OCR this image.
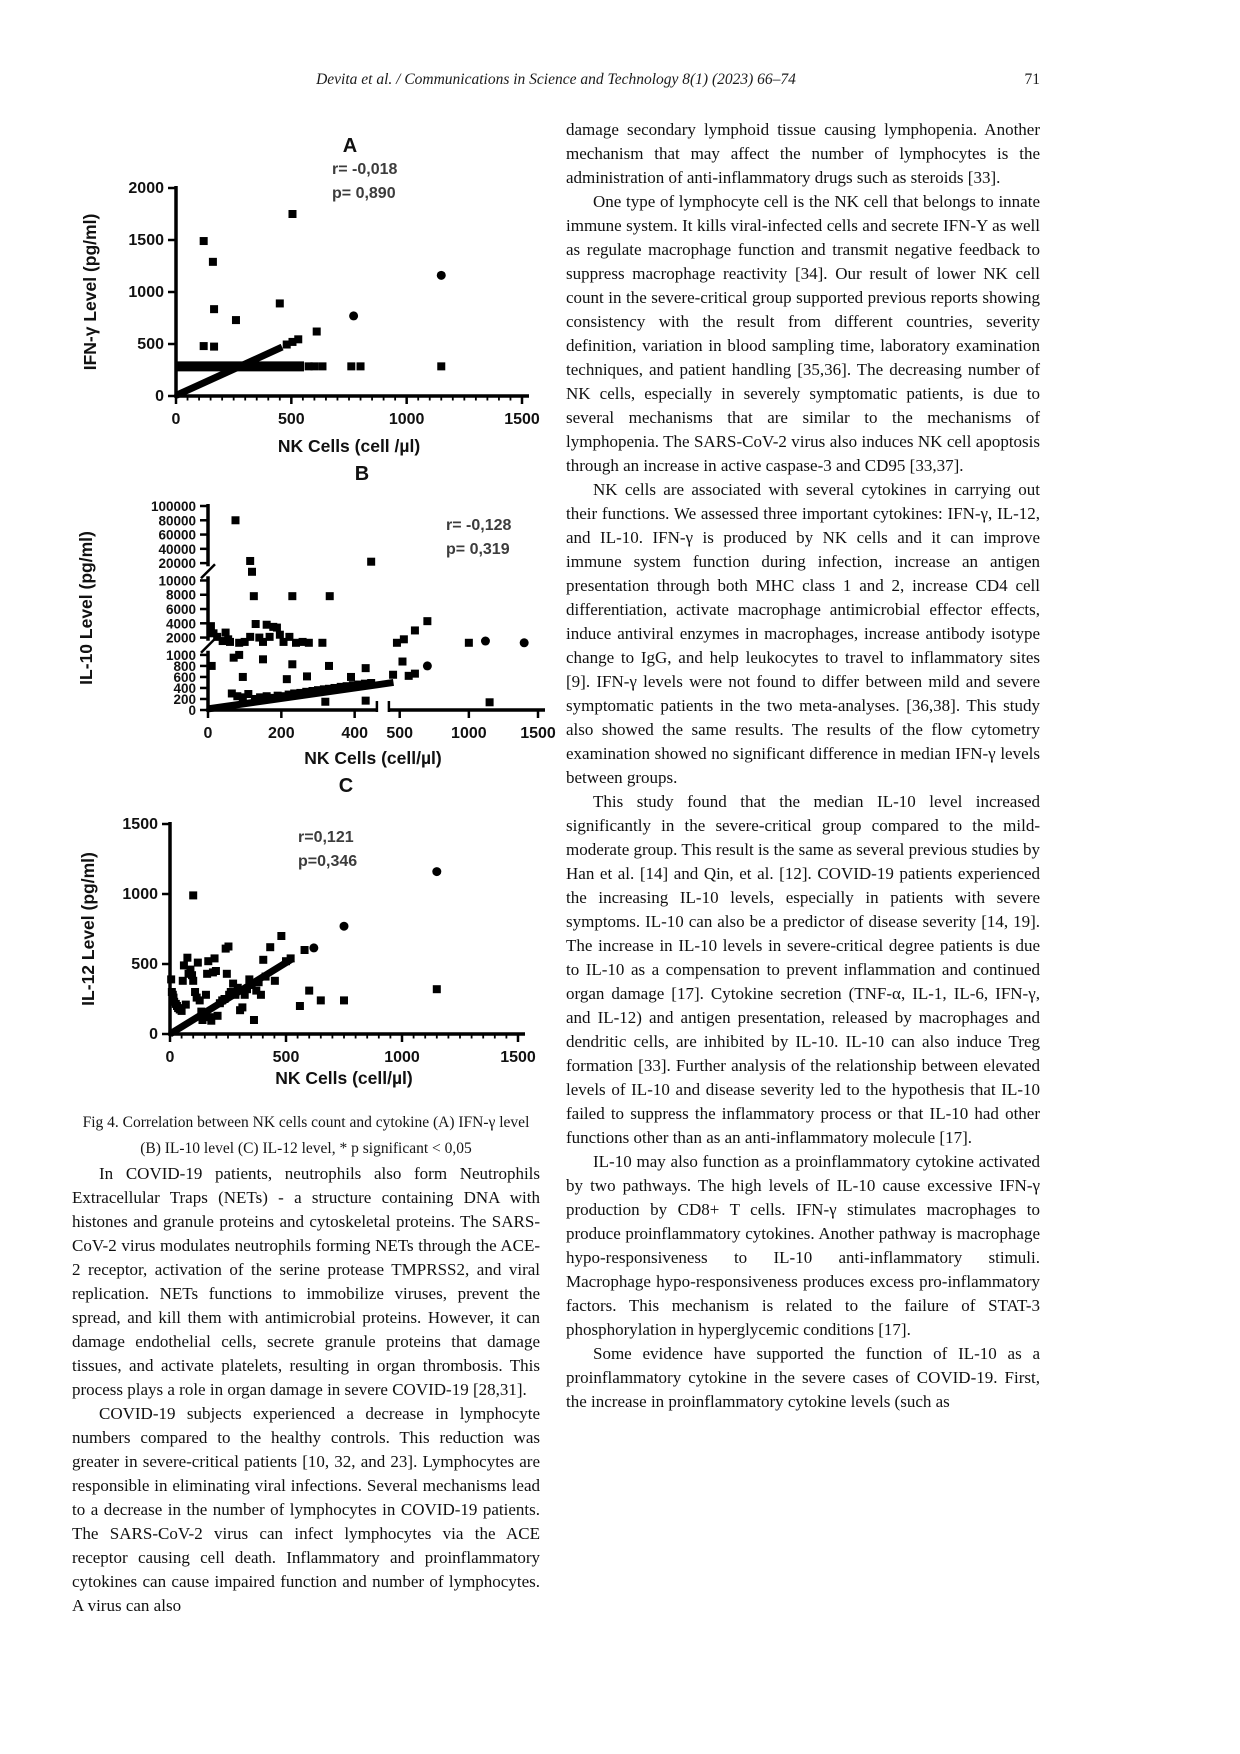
Devita et al. / Communications in Science and Technology 8(1) (2023) 66–74	71
A
0
500
1000
1500
2000
0	500	1000	1500
r= -0,018
p= 0,890
NK Cells (cell /µl)
IFN-γ Level (pg/ml)
B
0
200
400
600
800
1000
2000
4000
6000
8000
10000
20000
40000
60000
80000
100000
0	200	400 500 1000 1500
r= -0,128
p= 0,319
NK Cells (cell/µl)
IL-10 Level (pg/ml)
C
0
500
1000
1500
0	500	1000	1500
r=0,121
p=0,346
NK Cells (cell/µl)
IL-12 Level (pg/ml)
Fig 4. Correlation between NK cells count and cytokine (A) IFN-γ level
(B) IL-10 level (C) IL-12 level, * p significant < 0,05

In COVID-19 patients, neutrophils also form Neutrophils Extracellular Traps (NETs) - a structure containing DNA with histones and granule proteins and cytoskeletal proteins. The SARS-CoV-2 virus modulates neutrophils forming NETs through the ACE-2 receptor, activation of the serine protease TMPRSS2, and viral replication. NETs functions to immobilize viruses, prevent the spread, and kill them with antimicrobial proteins. However, it can damage endothelial cells, secrete granule proteins that damage tissues, and activate platelets, resulting in organ thrombosis. This process plays a role in organ damage in severe COVID-19 [28,31].

COVID-19 subjects experienced a decrease in lymphocyte numbers compared to the healthy controls. This reduction was greater in severe-critical patients [10, 32, and 23]. Lymphocytes are responsible in eliminating viral infections. Several mechanisms lead to a decrease in the number of lymphocytes in COVID-19 patients. The SARS-CoV-2 virus can infect lymphocytes via the ACE receptor causing cell death. Inflammatory and proinflammatory cytokines can cause impaired function and number of lymphocytes. A virus can also

damage secondary lymphoid tissue causing lymphopenia. Another mechanism that may affect the number of lymphocytes is the administration of anti-inflammatory drugs such as steroids [33].

One type of lymphocyte cell is the NK cell that belongs to innate immune system. It kills viral-infected cells and secrete IFN-Υ as well as regulate macrophage function and transmit negative feedback to suppress macrophage reactivity [34]. Our result of lower NK cell count in the severe-critical group supported previous reports showing consistency with the result from different countries, severity definition, variation in blood sampling time, laboratory examination techniques, and patient handling [35,36]. The decreasing number of NK cells, especially in severely symptomatic patients, is due to several mechanisms that are similar to the mechanisms of lymphopenia. The SARS-CoV-2 virus also induces NK cell apoptosis through an increase in active caspase-3 and CD95 [33,37].

NK cells are associated with several cytokines in carrying out their functions. We assessed three important cytokines: IFN-γ, IL-12, and IL-10. IFN-γ is produced by NK cells and it can improve immune system function during infection, increase an antigen presentation through both MHC class 1 and 2, increase CD4 cell differentiation, activate macrophage antimicrobial effector effects, induce antiviral enzymes in macrophages, increase antibody isotype change to IgG, and help leukocytes to travel to inflammatory sites [9]. IFN-γ levels were not found to differ between mild and severe symptomatic patients in the two meta-analyses. [36,38]. This study also showed the same results. The results of the flow cytometry examination showed no significant difference in median IFN-γ levels between groups.

This study found that the median IL-10 level increased significantly in the severe-critical group compared to the mild-moderate group. This result is the same as several previous studies by Han et al. [14] and Qin, et al. [12]. COVID-19 patients experienced the increasing IL-10 levels, especially in patients with severe symptoms. IL-10 can also be a predictor of disease severity [14, 19]. The increase in IL-10 levels in severe-critical degree patients is due to IL-10 as a compensation to prevent inflammation and continued organ damage [17]. Cytokine secretion (TNF-α, IL-1, IL-6, IFN-γ, and IL-12) and antigen presentation, released by macrophages and dendritic cells, are inhibited by IL-10. IL-10 can also induce Treg formation [33]. Further analysis of the relationship between elevated levels of IL-10 and disease severity led to the hypothesis that IL-10 failed to suppress the inflammatory process or that IL-10 had other functions other than as an anti-inflammatory molecule [17].

IL-10 may also function as a proinflammatory cytokine activated by two pathways. The high levels of IL-10 cause excessive IFN-γ production by CD8+ T cells. IFN-γ stimulates macrophages to produce proinflammatory cytokines. Another pathway is macrophage hypo-responsiveness to IL-10 anti-inflammatory stimuli. Macrophage hypo-responsiveness produces excess pro-inflammatory factors. This mechanism is related to the failure of STAT-3 phosphorylation in hyperglycemic conditions [17].

Some evidence have supported the function of IL-10 as a proinflammatory cytokine in the severe cases of COVID-19. First, the increase in proinflammatory cytokine levels (such as
